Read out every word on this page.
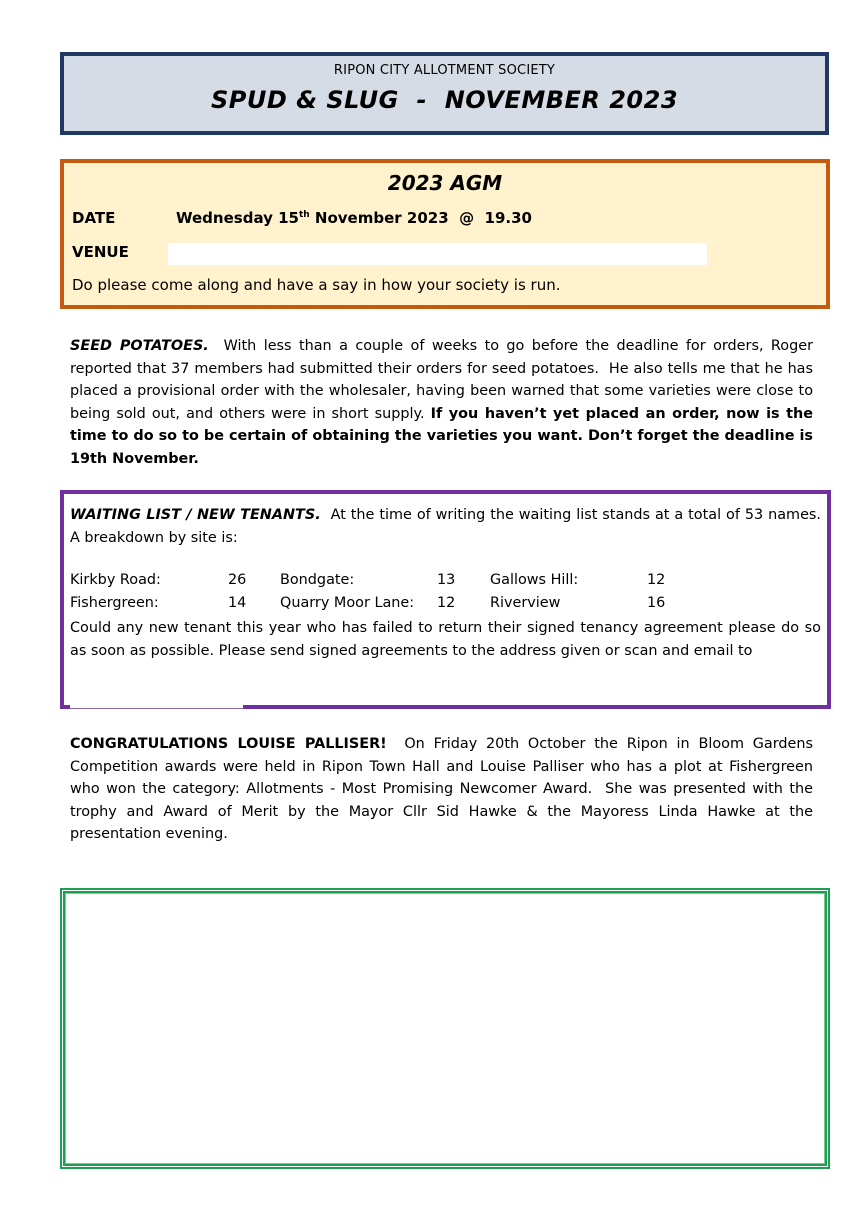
RIPON CITY ALLOTMENT SOCIETY
SPUD & SLUG  -  NOVEMBER 2023
2023 AGM
DATE	Wednesday 15th November 2023  @  19.30
VENUE
Do please come along and have a say in how your society is run.
SEED POTATOES.  With less than a couple of weeks to go before the deadline for orders, Roger reported that 37 members had submitted their orders for seed potatoes.  He also tells me that he has placed a provisional order with the wholesaler, having been warned that some varieties were close to being sold out, and others were in short supply. If you haven’t yet placed an order, now is the time to do so to be certain of obtaining the varieties you want. Don’t forget the deadline is 19th November.
WAITING LIST / NEW TENANTS.  At the time of writing the waiting list stands at a total of 53 names.  A breakdown by site is:
Kirkby Road:	26 Bondgate:	13 Gallows Hill:	12
Fishergreen:	14 Quarry Moor Lane: 12 Riverview	16
Could any new tenant this year who has failed to return their signed tenancy agreement please do so as soon as possible. Please send signed agreements to the address given or scan and email to
CONGRATULATIONS LOUISE PALLISER!  On Friday 20th October the Ripon in Bloom Gardens Competition awards were held in Ripon Town Hall and Louise Palliser who has a plot at Fishergreen who won the category: Allotments - Most Promising Newcomer Award.  She was presented with the trophy and Award of Merit by the Mayor Cllr Sid Hawke & the Mayoress Linda Hawke at the presentation evening.
